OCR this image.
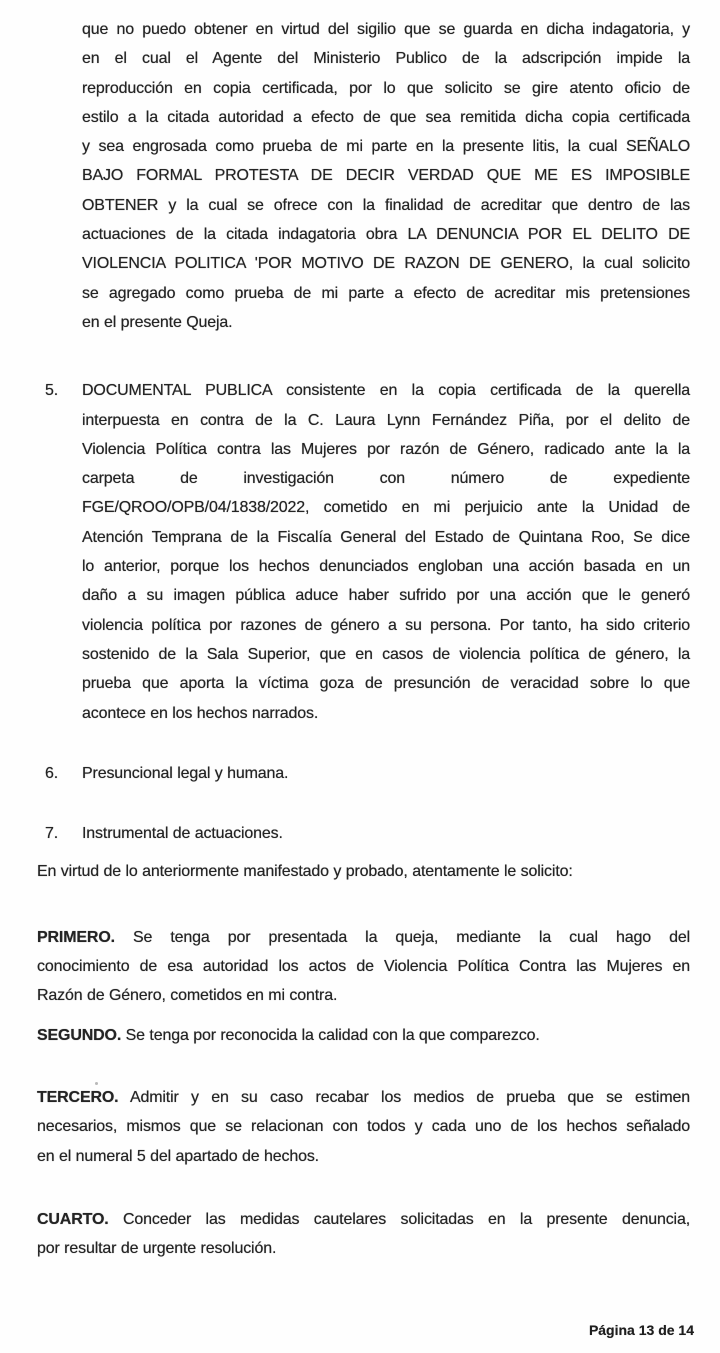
que no puedo obtener en virtud del sigilio que se guarda en dicha indagatoria, y
en el cual el Agente del Ministerio Publico de la adscripción impide la
reproducción en copia certificada, por lo que solicito se gire atento oficio de
estilo a la citada autoridad a efecto de que sea remitida dicha copia certificada
y sea engrosada como prueba de mi parte en la presente litis, la cual SEÑALO
BAJO FORMAL PROTESTA DE DECIR VERDAD QUE ME ES IMPOSIBLE
OBTENER y la cual se ofrece con la finalidad de acreditar que dentro de las
actuaciones de la citada indagatoria obra LA DENUNCIA POR EL DELITO DE
VIOLENCIA POLITICA 'POR MOTIVO DE RAZON DE GENERO, la cual solicito
se agregado como prueba de mi parte a efecto de acreditar mis pretensiones
en el presente Queja.
5. DOCUMENTAL PUBLICA consistente en la copia certificada de la querella
interpuesta en contra de la C. Laura Lynn Fernández Piña, por el delito de
Violencia Política contra las Mujeres por razón de Género, radicado ante la la
carpeta de investigación con número de expediente
FGE/QROO/OPB/04/1838/2022, cometido en mi perjuicio ante la Unidad de
Atención Temprana de la Fiscalía General del Estado de Quintana Roo, Se dice
lo anterior, porque los hechos denunciados engloban una acción basada en un
daño a su imagen pública aduce haber sufrido por una acción que le generó
violencia política por razones de género a su persona. Por tanto, ha sido criterio
sostenido de la Sala Superior, que en casos de violencia política de género, la
prueba que aporta la víctima goza de presunción de veracidad sobre lo que
acontece en los hechos narrados.
6. Presuncional legal y humana.
7. Instrumental de actuaciones.
En virtud de lo anteriormente manifestado y probado, atentamente le solicito:
PRIMERO. Se tenga por presentada la queja, mediante la cual hago del
conocimiento de esa autoridad los actos de Violencia Política Contra las Mujeres en
Razón de Género, cometidos en mi contra.
SEGUNDO. Se tenga por reconocida la calidad con la que comparezco.
TERCERO. Admitir y en su caso recabar los medios de prueba que se estimen
necesarios, mismos que se relacionan con todos y cada uno de los hechos señalado
en el numeral 5 del apartado de hechos.
CUARTO. Conceder las medidas cautelares solicitadas en la presente denuncia,
por resultar de urgente resolución.
Página 13 de 14
